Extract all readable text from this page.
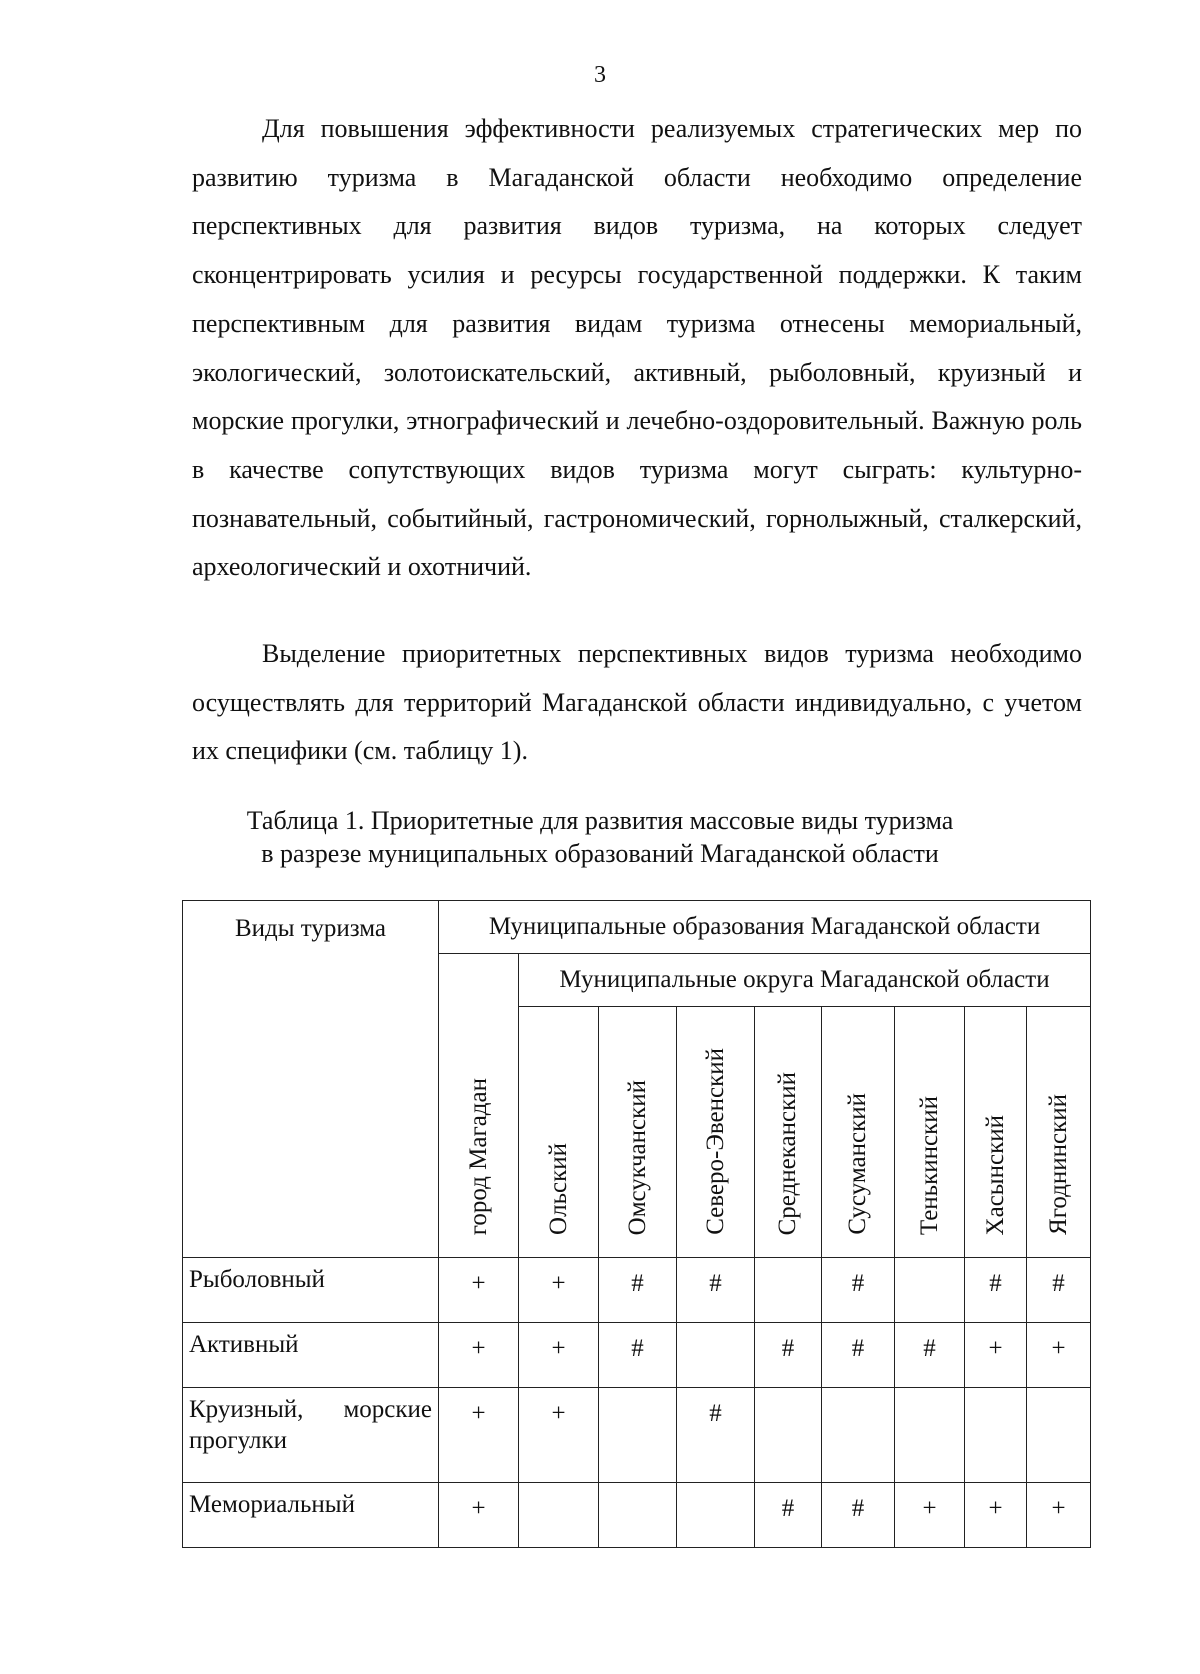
3

Для повышения эффективности реализуемых стратегических мер по развитию туризма в Магаданской области необходимо определение перспективных для развития видов туризма, на которых следует сконцентрировать усилия и ресурсы государственной поддержки. К таким перспективным для развития видам туризма отнесены мемориальный, экологический, золотоискательский, активный, рыболовный, круизный и морские прогулки, этнографический и лечебно-оздоровительный. Важную роль в качестве сопутствующих видов туризма могут сыграть: культурно-познавательный, событийный, гастрономический, горнолыжный, сталкерский, археологический и охотничий.

Выделение приоритетных перспективных видов туризма необходимо осуществлять для территорий Магаданской области индивидуально, с учетом их специфики (см. таблицу 1).

Таблица 1. Приоритетные для развития массовые виды туризма
в разрезе муниципальных образований Магаданской области
Виды туризма	Муниципальные образования Магаданской области								

	город Магадан	Муниципальные округа Магаданской области							

		Ольский	Омсукчанский	Северо-Эвенский	Среднеканский	Сусуманский	Тенькинский	Хасынский	Ягоднинский

Рыболовный	+	+	#	#		#		#	#
Активный	+	+	#		#	#	#	+	+
Круизный, морские прогулки	+	+		#					
Мемориальный	+				#	#	+	+	+
